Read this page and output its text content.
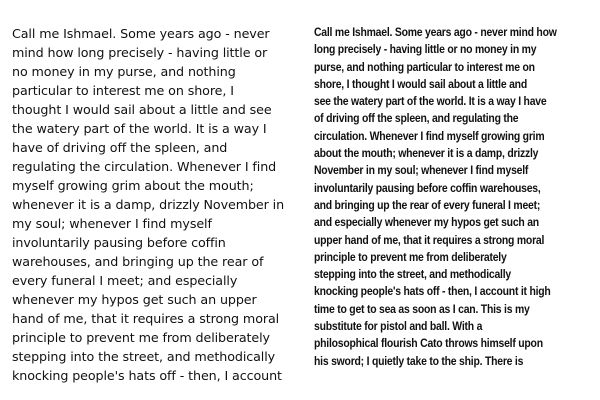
Call me Ishmael. Some years ago - never
mind how long precisely - having little or
no money in my purse, and nothing
particular to interest me on shore, I
thought I would sail about a little and see
the watery part of the world. It is a way I
have of driving off the spleen, and
regulating the circulation. Whenever I find
myself growing grim about the mouth;
whenever it is a damp, drizzly November in
my soul; whenever I find myself
involuntarily pausing before coffin
warehouses, and bringing up the rear of
every funeral I meet; and especially
whenever my hypos get such an upper
hand of me, that it requires a strong moral
principle to prevent me from deliberately
stepping into the street, and methodically
knocking people's hats off - then, I account
Call me Ishmael. Some years ago - never mind how
long precisely - having little or no money in my
purse, and nothing particular to interest me on
shore, I thought I would sail about a little and
see the watery part of the world. It is a way I have
of driving off the spleen, and regulating the
circulation. Whenever I find myself growing grim
about the mouth; whenever it is a damp, drizzly
November in my soul; whenever I find myself
involuntarily pausing before coffin warehouses,
and bringing up the rear of every funeral I meet;
and especially whenever my hypos get such an
upper hand of me, that it requires a strong moral
principle to prevent me from deliberately
stepping into the street, and methodically
knocking people's hats off - then, I account it high
time to get to sea as soon as I can. This is my
substitute for pistol and ball. With a
philosophical flourish Cato throws himself upon
his sword; I quietly take to the ship. There is
